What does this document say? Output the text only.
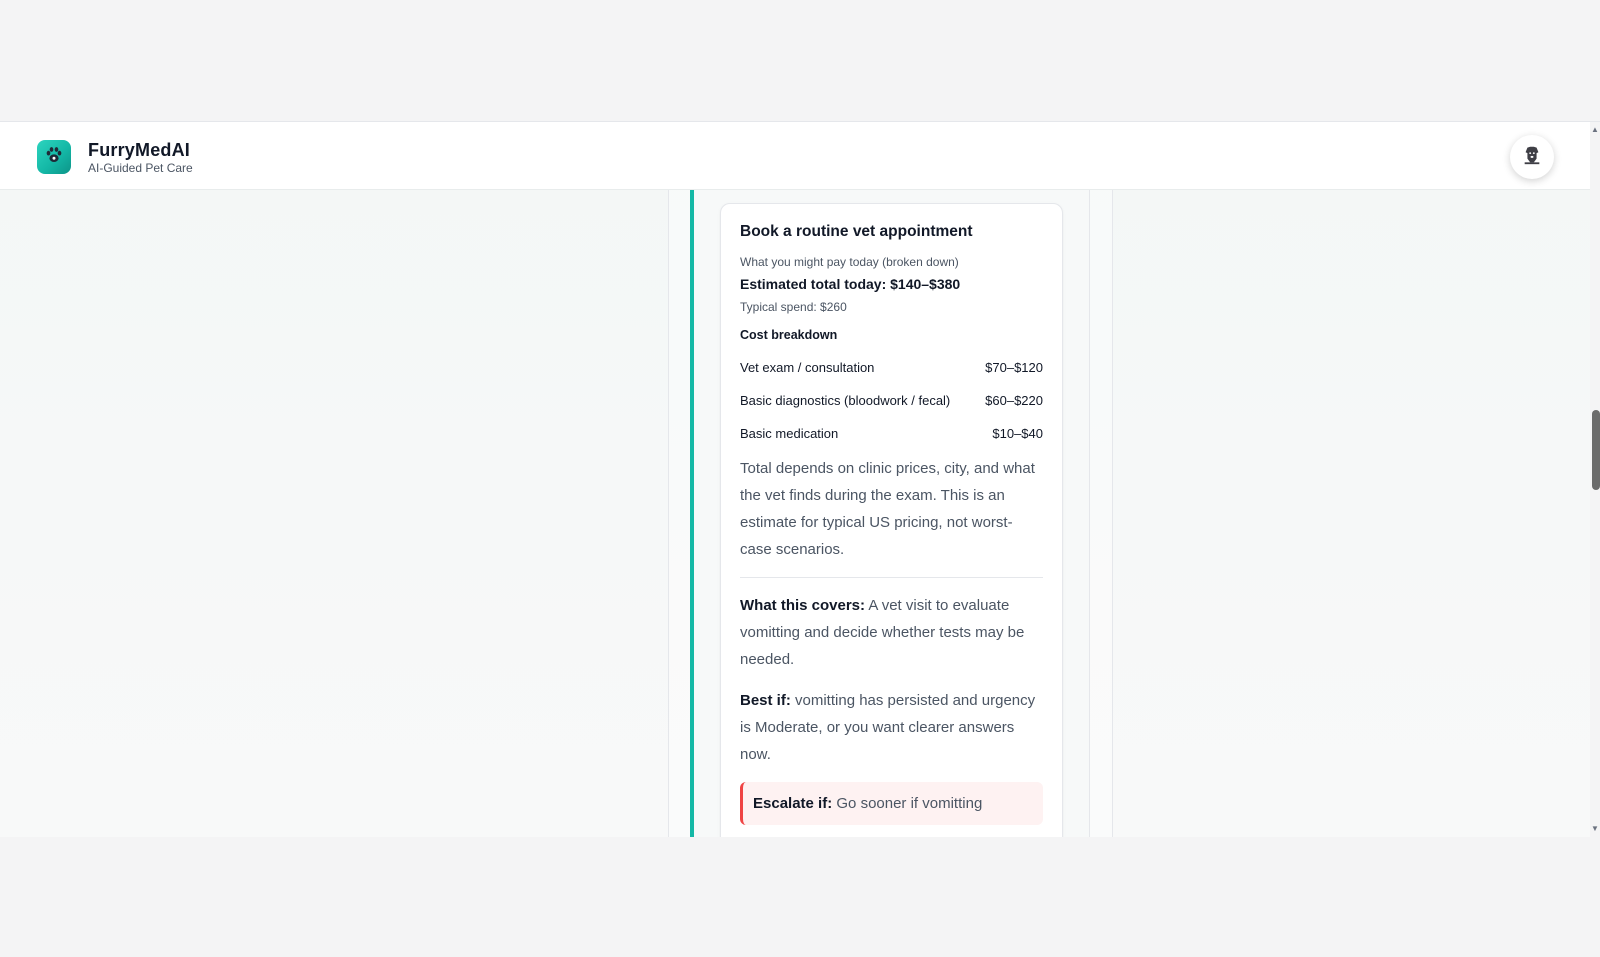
Book a routine vet appointment
What you might pay today (broken down)
Estimated total today: $140–$380
Typical spend: $260
Cost breakdown
Vet exam / consultation	$70–$120
Basic diagnostics (bloodwork / fecal)	$60–$220
Basic medication	$10–$40
Total depends on clinic prices, city, and what the vet finds during the exam. This is an estimate for typical US pricing, not worst-case scenarios.
What this covers: A vet visit to evaluate vomitting and decide whether tests may be needed.
Best if: vomitting has persisted and urgency is Moderate, or you want clearer answers now.
Escalate if: Go sooner if vomitting
FurryMedAI
AI-Guided Pet Care
▲
▼
